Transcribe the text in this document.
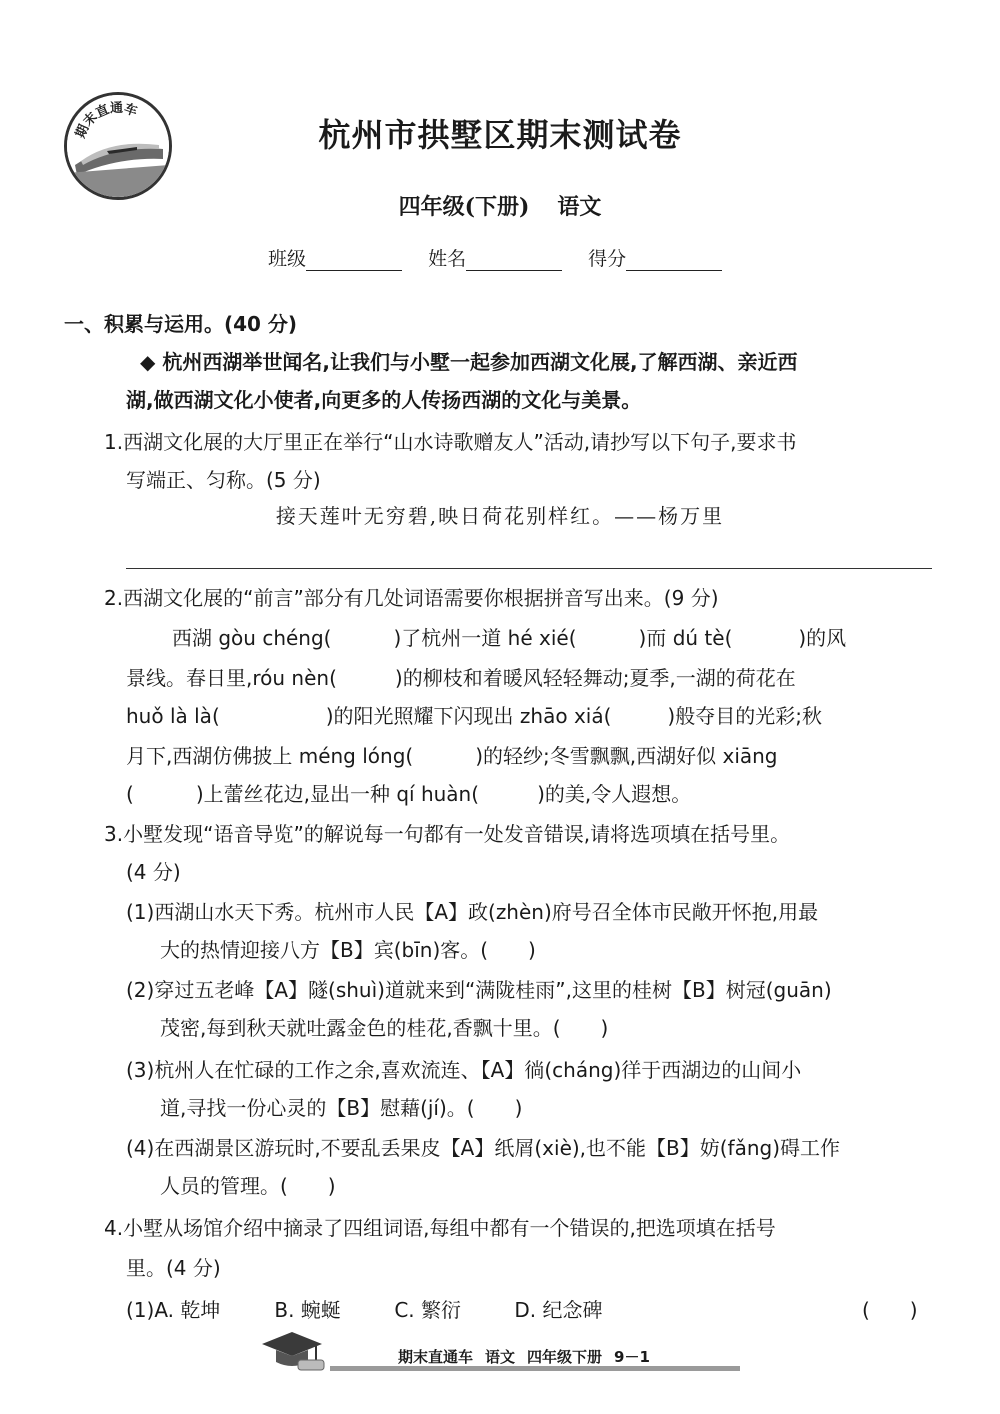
期末直通车
杭州市拱墅区期末测试卷
四年级(下册) 语文
班级	姓名	得分
一、积累与运用。(40 分)
◆ 杭州西湖举世闻名,让我们与小墅一起参加西湖文化展,了解西湖、亲近西
湖,做西湖文化小使者,向更多的人传扬西湖的文化与美景。
1.西湖文化展的大厅里正在举行“山水诗歌赠友人”活动,请抄写以下句子,要求书
写端正、匀称。(5 分)
接天莲叶无穷碧,映日荷花别样红。——杨万里
2.西湖文化展的“前言”部分有几处词语需要你根据拼音写出来。(9 分)
西湖 gòu chéng(	)了杭州一道 hé xié(	)而 dú tè(	)的风
景线。春日里,róu nèn(	)的柳枝和着暖风轻轻舞动;夏季,一湖的荷花在
huǒ là là(	)的阳光照耀下闪现出 zhāo xiá(	)般夺目的光彩;秋
月下,西湖仿佛披上 méng lóng(	)的轻纱;冬雪飘飘,西湖好似 xiāng
(	)上蕾丝花边,显出一种 qí huàn(	)的美,令人遐想。
3.小墅发现“语音导览”的解说每一句都有一处发音错误,请将选项填在括号里。
(4 分)
(1)西湖山水天下秀。杭州市人民【A】政(zhèn)府号召全体市民敞开怀抱,用最
大的热情迎接八方【B】宾(bīn)客。(　　)
(2)穿过五老峰【A】隧(shuì)道就来到“满陇桂雨”,这里的桂树【B】树冠(guān)
茂密,每到秋天就吐露金色的桂花,香飘十里。(　　)
(3)杭州人在忙碌的工作之余,喜欢流连、【A】徜(cháng)徉于西湖边的山间小
道,寻找一份心灵的【B】慰藉(jí)。(　　)
(4)在西湖景区游玩时,不要乱丢果皮【A】纸屑(xiè),也不能【B】妨(fǎng)碍工作
人员的管理。(　　)
4.小墅从场馆介绍中摘录了四组词语,每组中都有一个错误的,把选项填在括号
里。(4 分)
(1)A. 乾坤	B. 蜿蜒	C. 繁衍	D. 纪念碑	(　　)
期末直通车 语文 四年级下册 9－1
